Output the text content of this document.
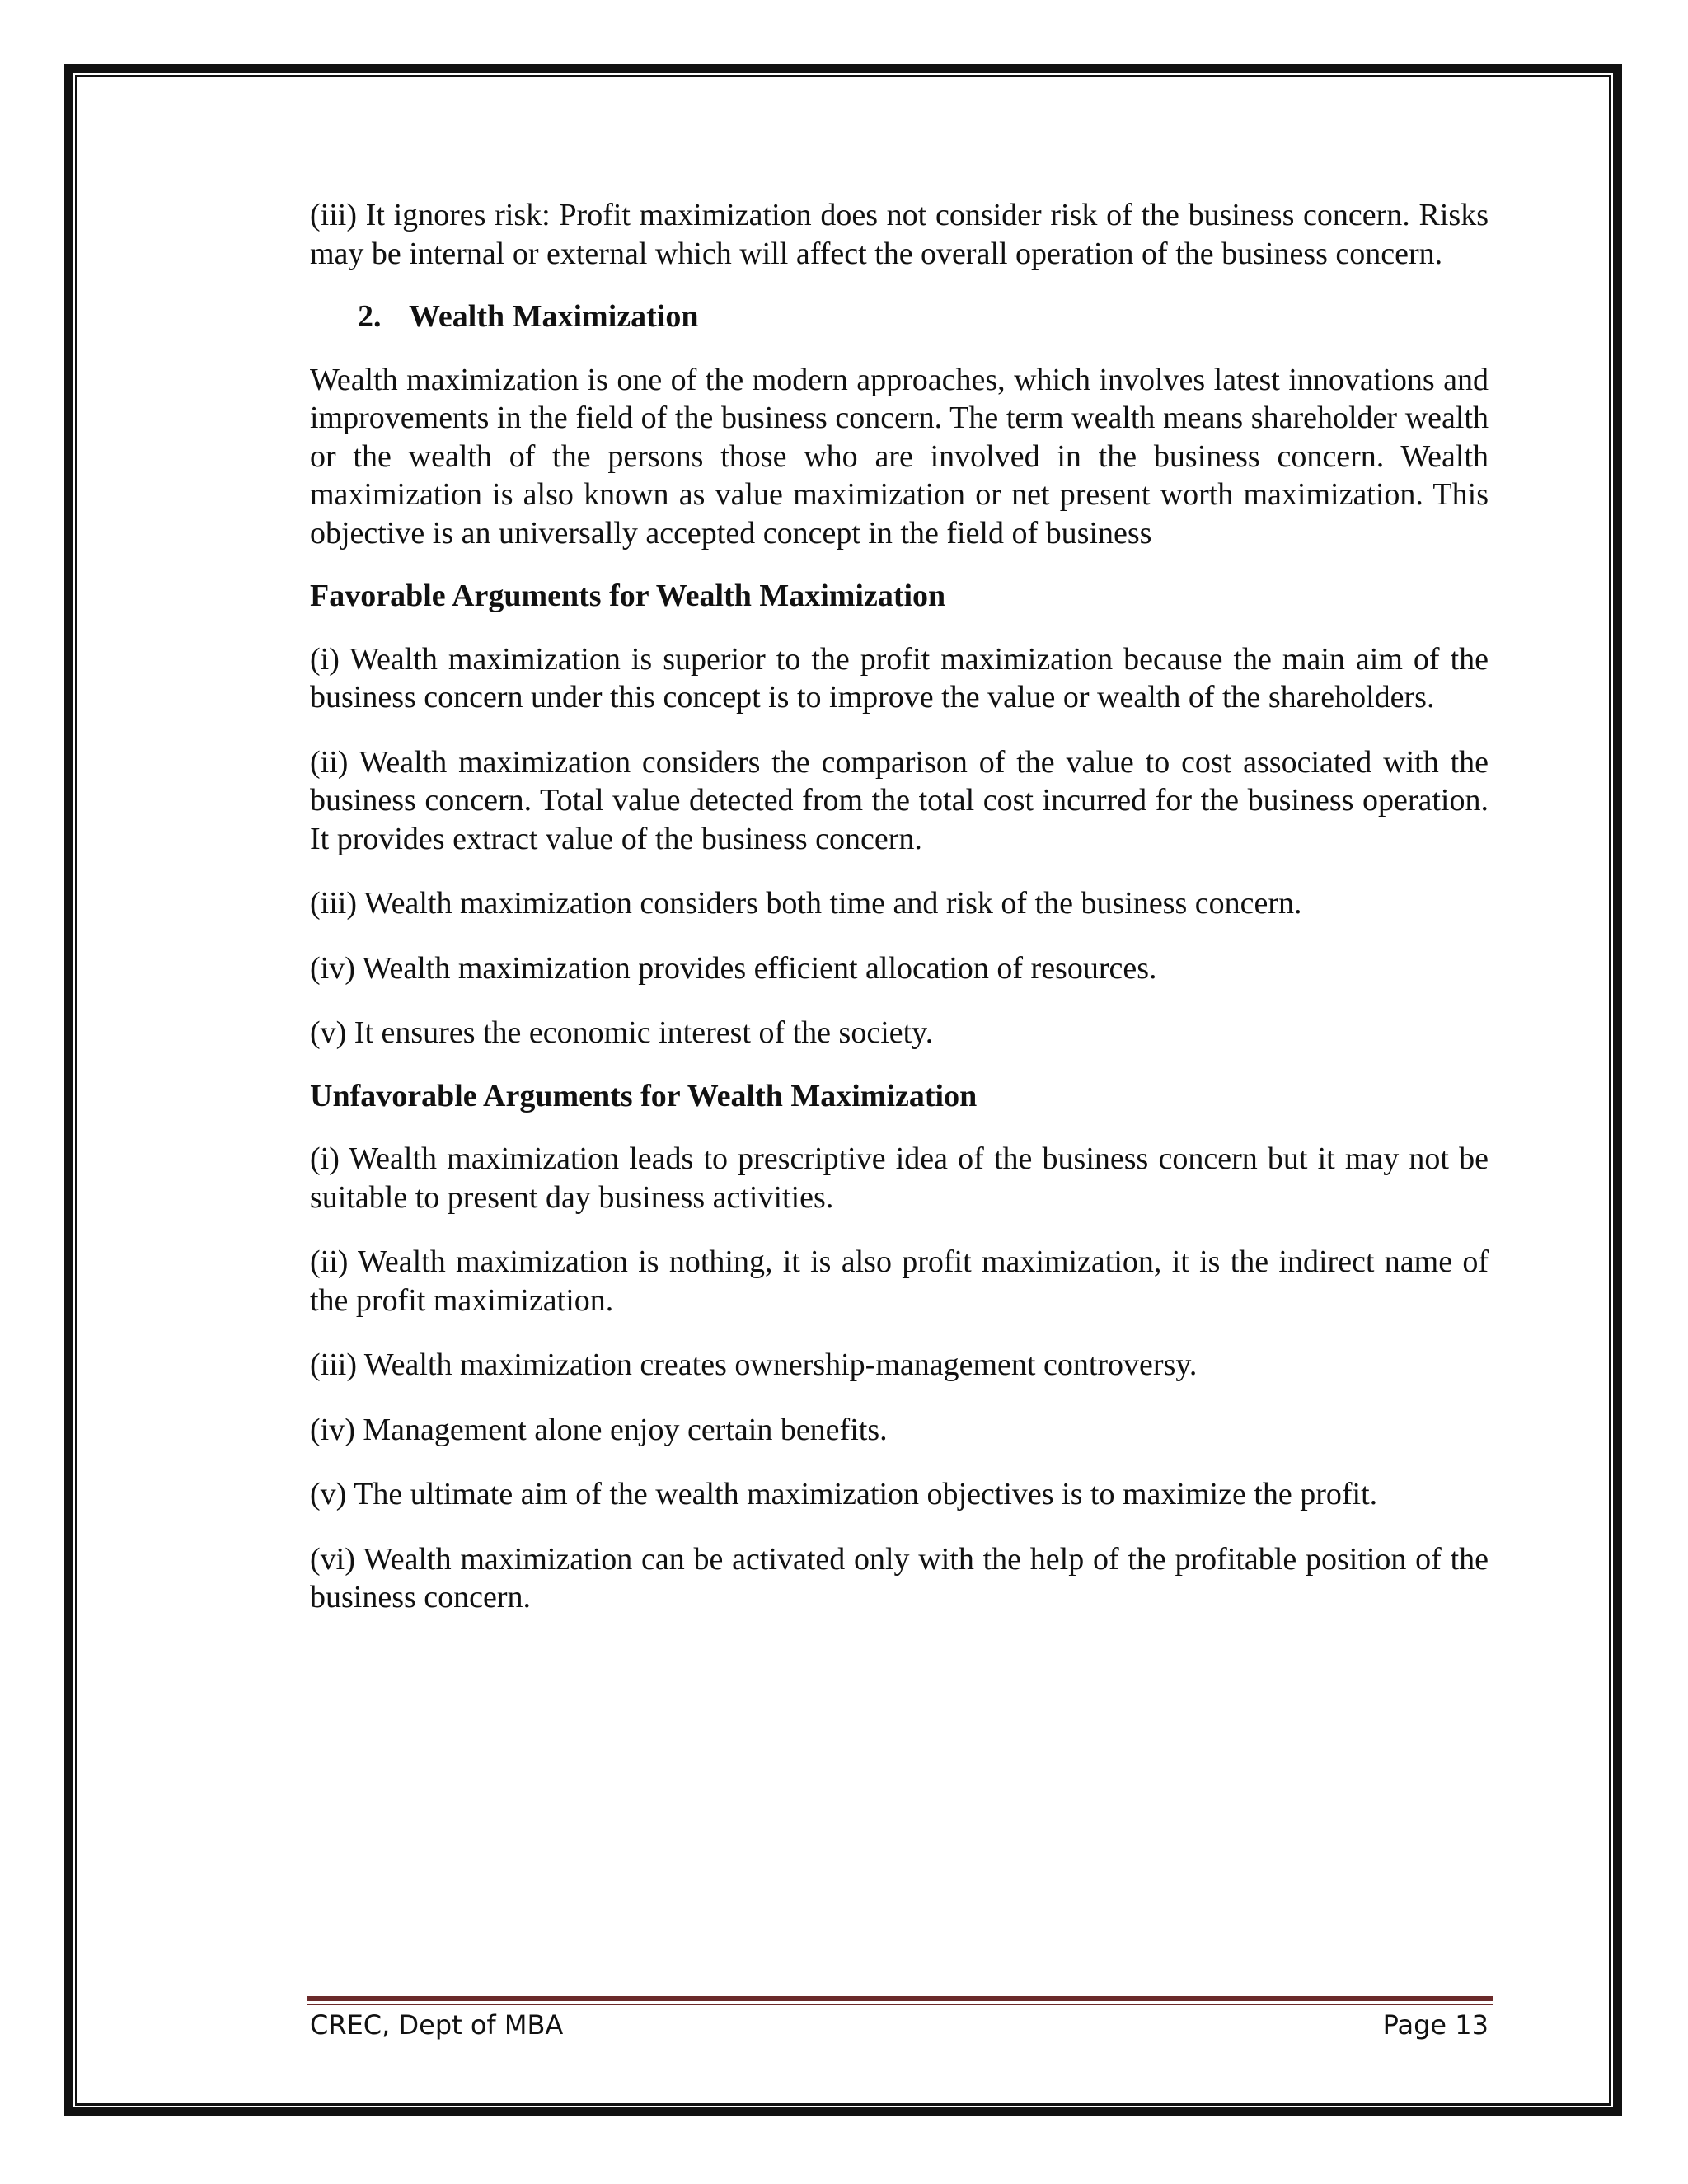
(iii) It ignores risk: Profit maximization does not consider risk of the business concern. Risks may be internal or external which will affect the overall operation of the business concern.

2. Wealth Maximization

Wealth maximization is one of the modern approaches, which involves latest innovations and improvements in the field of the business concern. The term wealth means shareholder wealth or the wealth of the persons those who are involved in the business concern. Wealth maximization is also known as value maximization or net present worth maximization. This objective is an universally accepted concept in the field of business

Favorable Arguments for Wealth Maximization

(i) Wealth maximization is superior to the profit maximization because the main aim of the business concern under this concept is to improve the value or wealth of the shareholders.

(ii) Wealth maximization considers the comparison of the value to cost associated with the business concern. Total value detected from the total cost incurred for the business operation. It provides extract value of the business concern.

(iii) Wealth maximization considers both time and risk of the business concern.

(iv) Wealth maximization provides efficient allocation of resources.

(v) It ensures the economic interest of the society.

Unfavorable Arguments for Wealth Maximization

(i) Wealth maximization leads to prescriptive idea of the business concern but it may not be suitable to present day business activities.

(ii) Wealth maximization is nothing, it is also profit maximization, it is the indirect name of the profit maximization.

(iii) Wealth maximization creates ownership-management controversy.

(iv) Management alone enjoy certain benefits.

(v) The ultimate aim of the wealth maximization objectives is to maximize the profit.

(vi) Wealth maximization can be activated only with the help of the profitable position of the business concern.

CREC, Dept of MBA	Page 13
